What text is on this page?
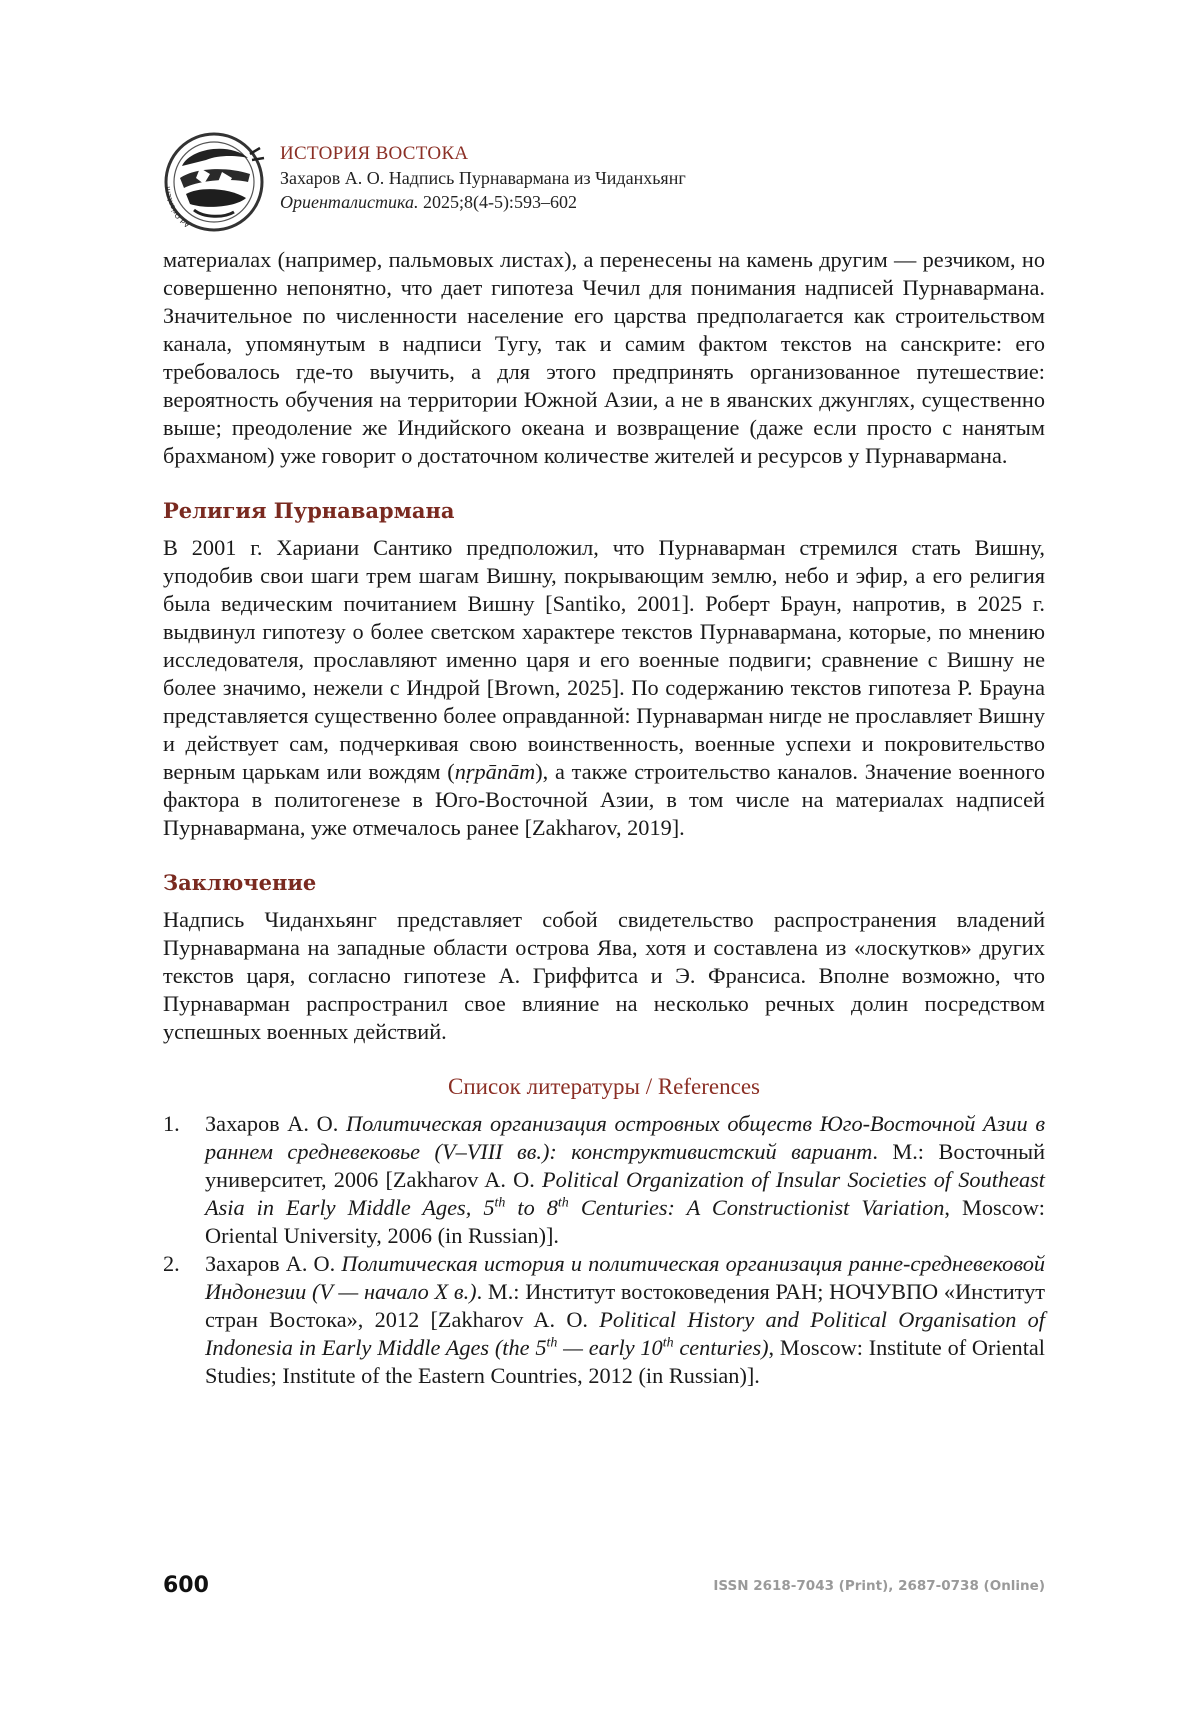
Ad Orientem
ИСТОРИЯ ВОСТОКА
Захаров А. О. Надпись Пурнавармана из Чиданхьянг
Ориенталистика. 2025;8(4-5):593–602

материалах (например, пальмовых листах), а перенесены на камень другим — резчиком, но совершенно непонятно, что дает гипотеза Чечил для понимания надписей Пурнавармана. Значительное по численности население его царства предполагается как строительством канала, упомянутым в надписи Тугу, так и самим фактом текстов на санскрите: его требовалось где-то выучить, а для этого предпринять организованное путешествие: вероятность обучения на территории Южной Азии, а не в яванских джунглях, существенно выше; преодоление же Индийского океана и возвращение (даже если просто с нанятым брахманом) уже говорит о достаточном количестве жителей и ресурсов у Пурнавармана.

Религия Пурнавармана

В 2001 г. Хариани Сантико предположил, что Пурнаварман стремился стать Вишну, уподобив свои шаги трем шагам Вишну, покрывающим землю, небо и эфир, а его религия была ведическим почитанием Вишну [Santiko, 2001]. Роберт Браун, напротив, в 2025 г. выдвинул гипотезу о более светском характере текстов Пурнавармана, которые, по мнению исследователя, прославляют именно царя и его военные подвиги; сравнение с Вишну не более значимо, нежели с Индрой [Brown, 2025]. По содержанию текстов гипотеза Р. Брауна представляется существенно более оправданной: Пурнаварман нигде не прославляет Вишну и действует сам, подчеркивая свою воинственность, военные успехи и покровительство верным царькам или вождям (nṛpānām), а также строительство каналов. Значение военного фактора в политогенезе в Юго-Восточной Азии, в том числе на материалах надписей Пурнавармана, уже отмечалось ранее [Zakharov, 2019].

Заключение

Надпись Чиданхьянг представляет собой свидетельство распространения владений Пурнавармана на западные области острова Ява, хотя и составлена из «лоскутков» других текстов царя, согласно гипотезе А. Гриффитса и Э. Франсиса. Вполне возможно, что Пурнаварман распространил свое влияние на несколько речных долин посредством успешных военных действий.

Список литературы / References
1. Захаров А. О. Политическая организация островных обществ Юго-Восточной Азии в раннем средневековье (V–VIII вв.): конструктивистский вариант. М.: Восточный университет, 2006 [Zakharov A. O. Political Organization of Insular Societies of Southeast Asia in Early Middle Ages, 5th to 8th Centuries: A Constructionist Variation, Moscow: Oriental University, 2006 (in Russian)].
2. Захаров А. О. Политическая история и политическая организация ранне-средневековой Индонезии (V — начало X в.). М.: Институт востоковедения РАН; НОЧУВПО «Институт стран Востока», 2012 [Zakharov A. O. Political History and Political Organisation of Indonesia in Early Middle Ages (the 5th — early 10th centuries), Moscow: Institute of Oriental Studies; Institute of the Eastern Countries, 2012 (in Russian)].
600	ISSN 2618-7043 (Print), 2687-0738 (Online)
